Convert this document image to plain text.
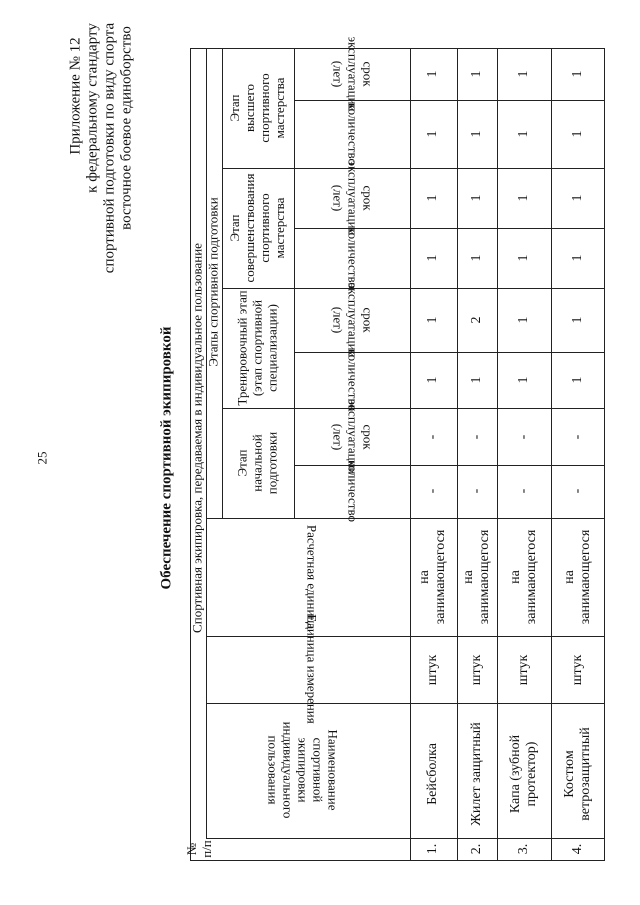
25
Приложение № 12 к федеральному стандарту спортивной подготовки по виду спорта восточное боевое единоборство
Обеспечение спортивной экипировкой Спортивная экипировка, передаваемая в индивидуальное пользование Этапы спортивной подготовки
№ п/п
Наименование
спортивной
экипировки
индивидуального
пользования
Единица измерения
Расчетная единица
Этап начальной подготовки
Тренировочный этап (этап спортивной специализации)
Этап совершенствования спортивного мастерства
Этап высшего спортивного мастерства
количество
количество
количество
количество
срок
эксплуатации
(лет)
срок
эксплуатации
(лет)
срок
эксплуатации
(лет)
срок
эксплуатации
(лет)
1.
Бейсболка
штук
на занимающегося
-
-
1
1
1
1
1
1
2.
Жилет защитный
штук
на занимающегося
-
-
1
2
1
1
1
1
3.
Капа (зубной протектор)
штук
на занимающегося
-
-
1
1
1
1
1
1
4.
Костюм ветрозащитный
штук
на занимающегося
-
-
1
1
1
1
1
1
